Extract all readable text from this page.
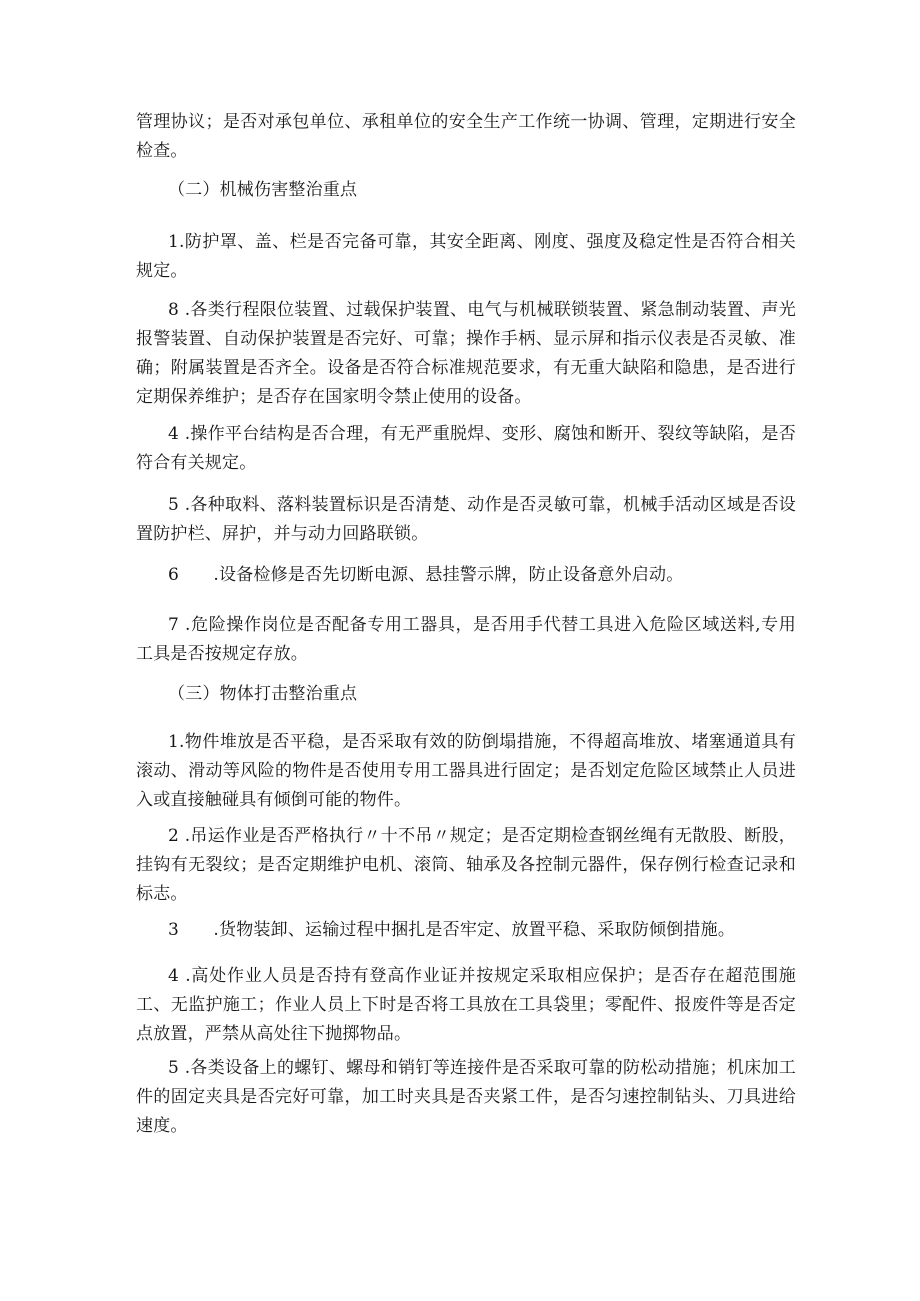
管理协议；是否对承包单位、承租单位的安全生产工作统一协调、管理，定期进行安全检查。

（二）机械伤害整治重点

1.防护罩、盖、栏是否完备可靠，其安全距离、刚度、强度及稳定性是否符合相关规定。

8 .各类行程限位装置、过载保护装置、电气与机械联锁装置、紧急制动装置、声光报警装置、自动保护装置是否完好、可靠；操作手柄、显示屏和指示仪表是否灵敏、准确；附属装置是否齐全。设备是否符合标准规范要求，有无重大缺陷和隐患，是否进行定期保养维护；是否存在国家明令禁止使用的设备。

4 .操作平台结构是否合理，有无严重脱焊、变形、腐蚀和断开、裂纹等缺陷，是否符合有关规定。

5 .各种取料、落料装置标识是否清楚、动作是否灵敏可靠，机械手活动区域是否设置防护栏、屏护，并与动力回路联锁。

6　　.设备检修是否先切断电源、悬挂警示牌，防止设备意外启动。

7 .危险操作岗位是否配备专用工器具，是否用手代替工具进入危险区域送料,专用工具是否按规定存放。

（三）物体打击整治重点

1.物件堆放是否平稳，是否采取有效的防倒塌措施，不得超高堆放、堵塞通道具有滚动、滑动等风险的物件是否使用专用工器具进行固定；是否划定危险区域禁止人员进入或直接触碰具有倾倒可能的物件。

2 .吊运作业是否严格执行〃十不吊〃规定；是否定期检查钢丝绳有无散股、断股，挂钩有无裂纹；是否定期维护电机、滚筒、轴承及各控制元器件，保存例行检查记录和标志。

3　　.货物装卸、运输过程中捆扎是否牢定、放置平稳、采取防倾倒措施。

4 .高处作业人员是否持有登高作业证并按规定采取相应保护；是否存在超范围施工、无监护施工；作业人员上下时是否将工具放在工具袋里；零配件、报废件等是否定点放置，严禁从高处往下抛掷物品。

5 .各类设备上的螺钉、螺母和销钉等连接件是否采取可靠的防松动措施；机床加工件的固定夹具是否完好可靠，加工时夹具是否夹紧工件，是否匀速控制钻头、刀具进给速度。
